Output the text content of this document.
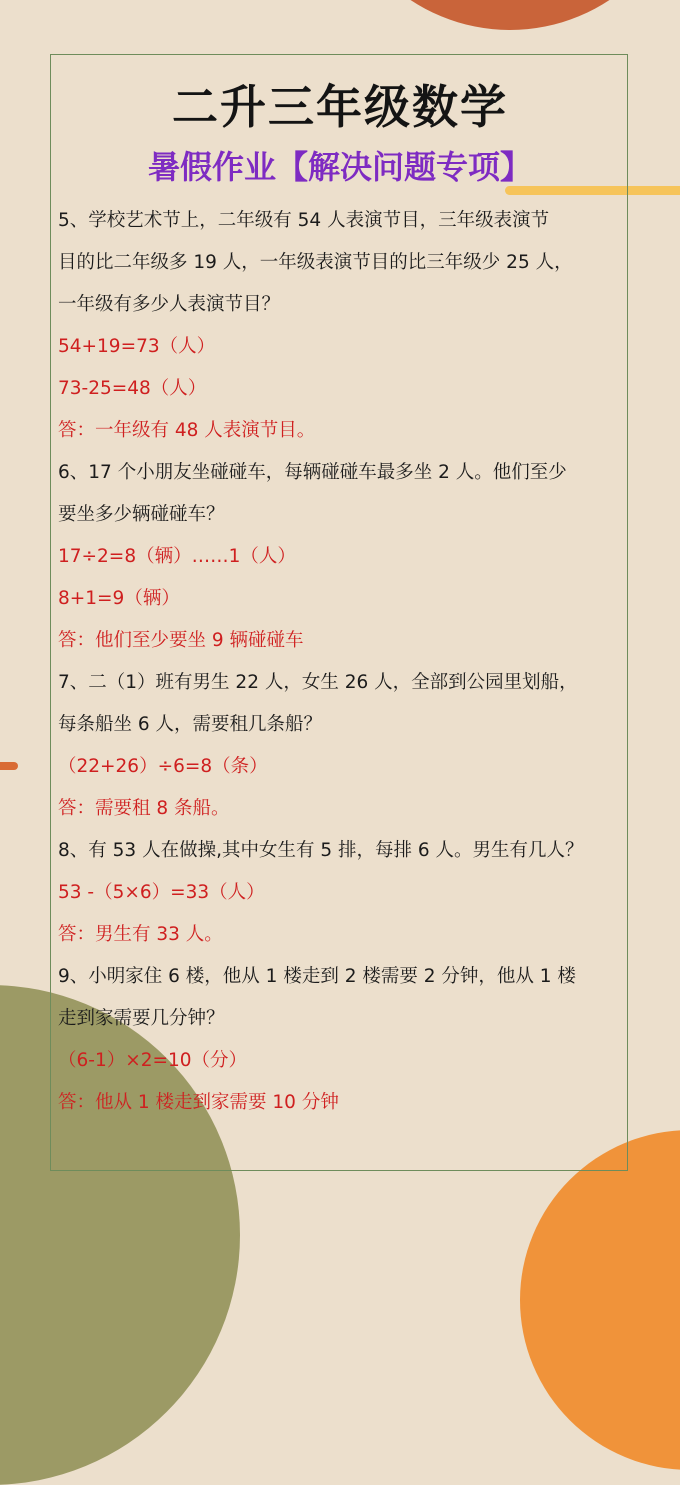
二升三年级数学
暑假作业【解决问题专项】
5、学校艺术节上，二年级有 54 人表演节目，三年级表演节
目的比二年级多 19 人，一年级表演节目的比三年级少 25 人，
一年级有多少人表演节目？
54+19=73（人）
73-25=48（人）
答：一年级有 48 人表演节目。
6、17 个小朋友坐碰碰车，每辆碰碰车最多坐 2 人。他们至少
要坐多少辆碰碰车？
17÷2=8（辆）……1（人）
8+1=9（辆）
答：他们至少要坐 9 辆碰碰车
7、二（1）班有男生 22 人，女生 26 人，全部到公园里划船，
每条船坐 6 人，需要租几条船？
（22+26）÷6=8（条）
答：需要租 8 条船。
8、有 53 人在做操,其中女生有 5 排，每排 6 人。男生有几人？
53 -（5×6）=33（人）
答：男生有 33 人。
9、小明家住 6 楼，他从 1 楼走到 2 楼需要 2 分钟，他从 1 楼
走到家需要几分钟？
（6-1）×2=10（分）
答：他从 1 楼走到家需要 10 分钟
